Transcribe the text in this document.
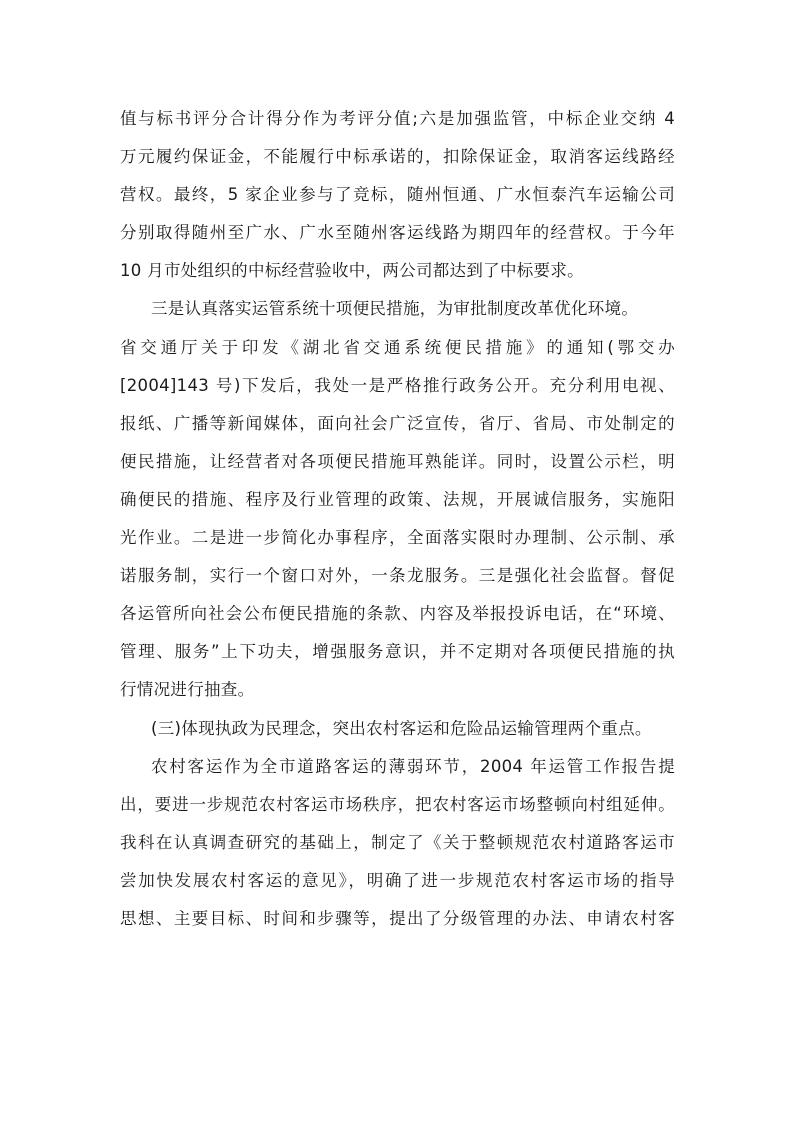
值与标书评分合计得分作为考评分值;六是加强监管，中标企业交纳 4
万元履约保证金，不能履行中标承诺的，扣除保证金，取消客运线路经
营权。最终，5 家企业参与了竞标，随州恒通、广水恒泰汽车运输公司
分别取得随州至广水、广水至随州客运线路为期四年的经营权。于今年
10 月市处组织的中标经营验收中，两公司都达到了中标要求。
三是认真落实运管系统十项便民措施，为审批制度改革优化环境。
省交通厅关于印发《湖北省交通系统便民措施》的通知(鄂交办
[2004]143 号)下发后，我处一是严格推行政务公开。充分利用电视、
报纸、广播等新闻媒体，面向社会广泛宣传，省厅、省局、市处制定的
便民措施，让经营者对各项便民措施耳熟能详。同时，设置公示栏，明
确便民的措施、程序及行业管理的政策、法规，开展诚信服务，实施阳
光作业。二是进一步简化办事程序，全面落实限时办理制、公示制、承
诺服务制，实行一个窗口对外，一条龙服务。三是强化社会监督。督促
各运管所向社会公布便民措施的条款、内容及举报投诉电话，在“环境、
管理、服务”上下功夫，增强服务意识，并不定期对各项便民措施的执
行情况进行抽查。
(三)体现执政为民理念，突出农村客运和危险品运输管理两个重点。
农村客运作为全市道路客运的薄弱环节，2004 年运管工作报告提
出，要进一步规范农村客运市场秩序，把农村客运市场整顿向村组延伸。
我科在认真调查研究的基础上，制定了《关于整顿规范农村道路客运市
尝加快发展农村客运的意见》，明确了进一步规范农村客运市场的指导
思想、主要目标、时间和步骤等，提出了分级管理的办法、申请农村客
